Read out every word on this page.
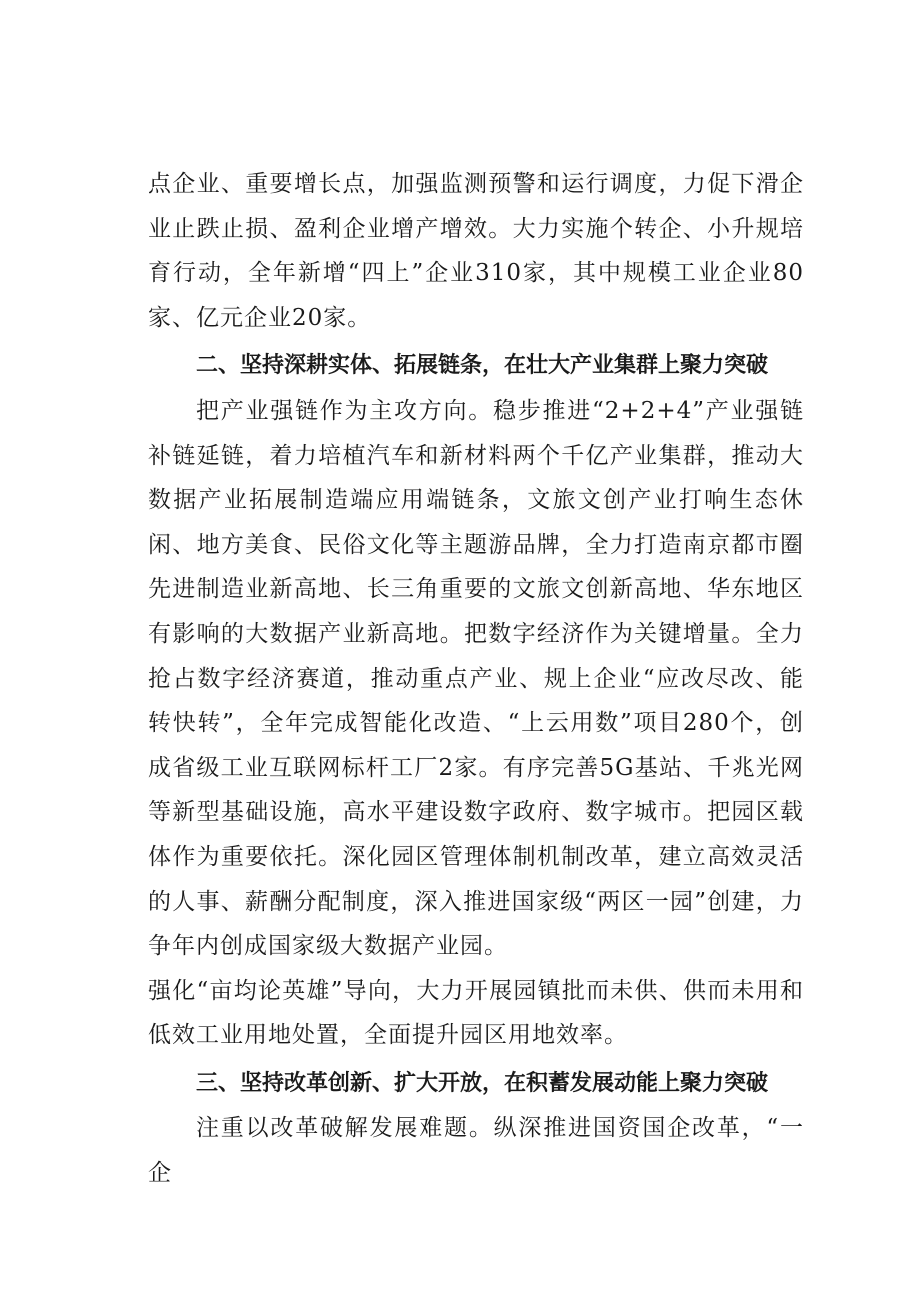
点企业、重要增长点，加强监测预警和运行调度，力促下滑企业止跌止损、盈利企业增产增效。大力实施个转企、小升规培育行动，全年新增“四上”企业310家，其中规模工业企业80家、亿元企业20家。

二、坚持深耕实体、拓展链条，在壮大产业集群上聚力突破

把产业强链作为主攻方向。稳步推进“2+2+4”产业强链补链延链，着力培植汽车和新材料两个千亿产业集群，推动大数据产业拓展制造端应用端链条，文旅文创产业打响生态休闲、地方美食、民俗文化等主题游品牌，全力打造南京都市圈先进制造业新高地、长三角重要的文旅文创新高地、华东地区有影响的大数据产业新高地。把数字经济作为关键增量。全力抢占数字经济赛道，推动重点产业、规上企业“应改尽改、能转快转”，全年完成智能化改造、“上云用数”项目280个，创成省级工业互联网标杆工厂2家。有序完善5G基站、千兆光网等新型基础设施，高水平建设数字政府、数字城市。把园区载体作为重要依托。深化园区管理体制机制改革，建立高效灵活的人事、薪酬分配制度，深入推进国家级“两区一园”创建，力争年内创成国家级大数据产业园。

强化“亩均论英雄”导向，大力开展园镇批而未供、供而未用和低效工业用地处置，全面提升园区用地效率。

三、坚持改革创新、扩大开放，在积蓄发展动能上聚力突破

注重以改革破解发展难题。纵深推进国资国企改革，“一企
